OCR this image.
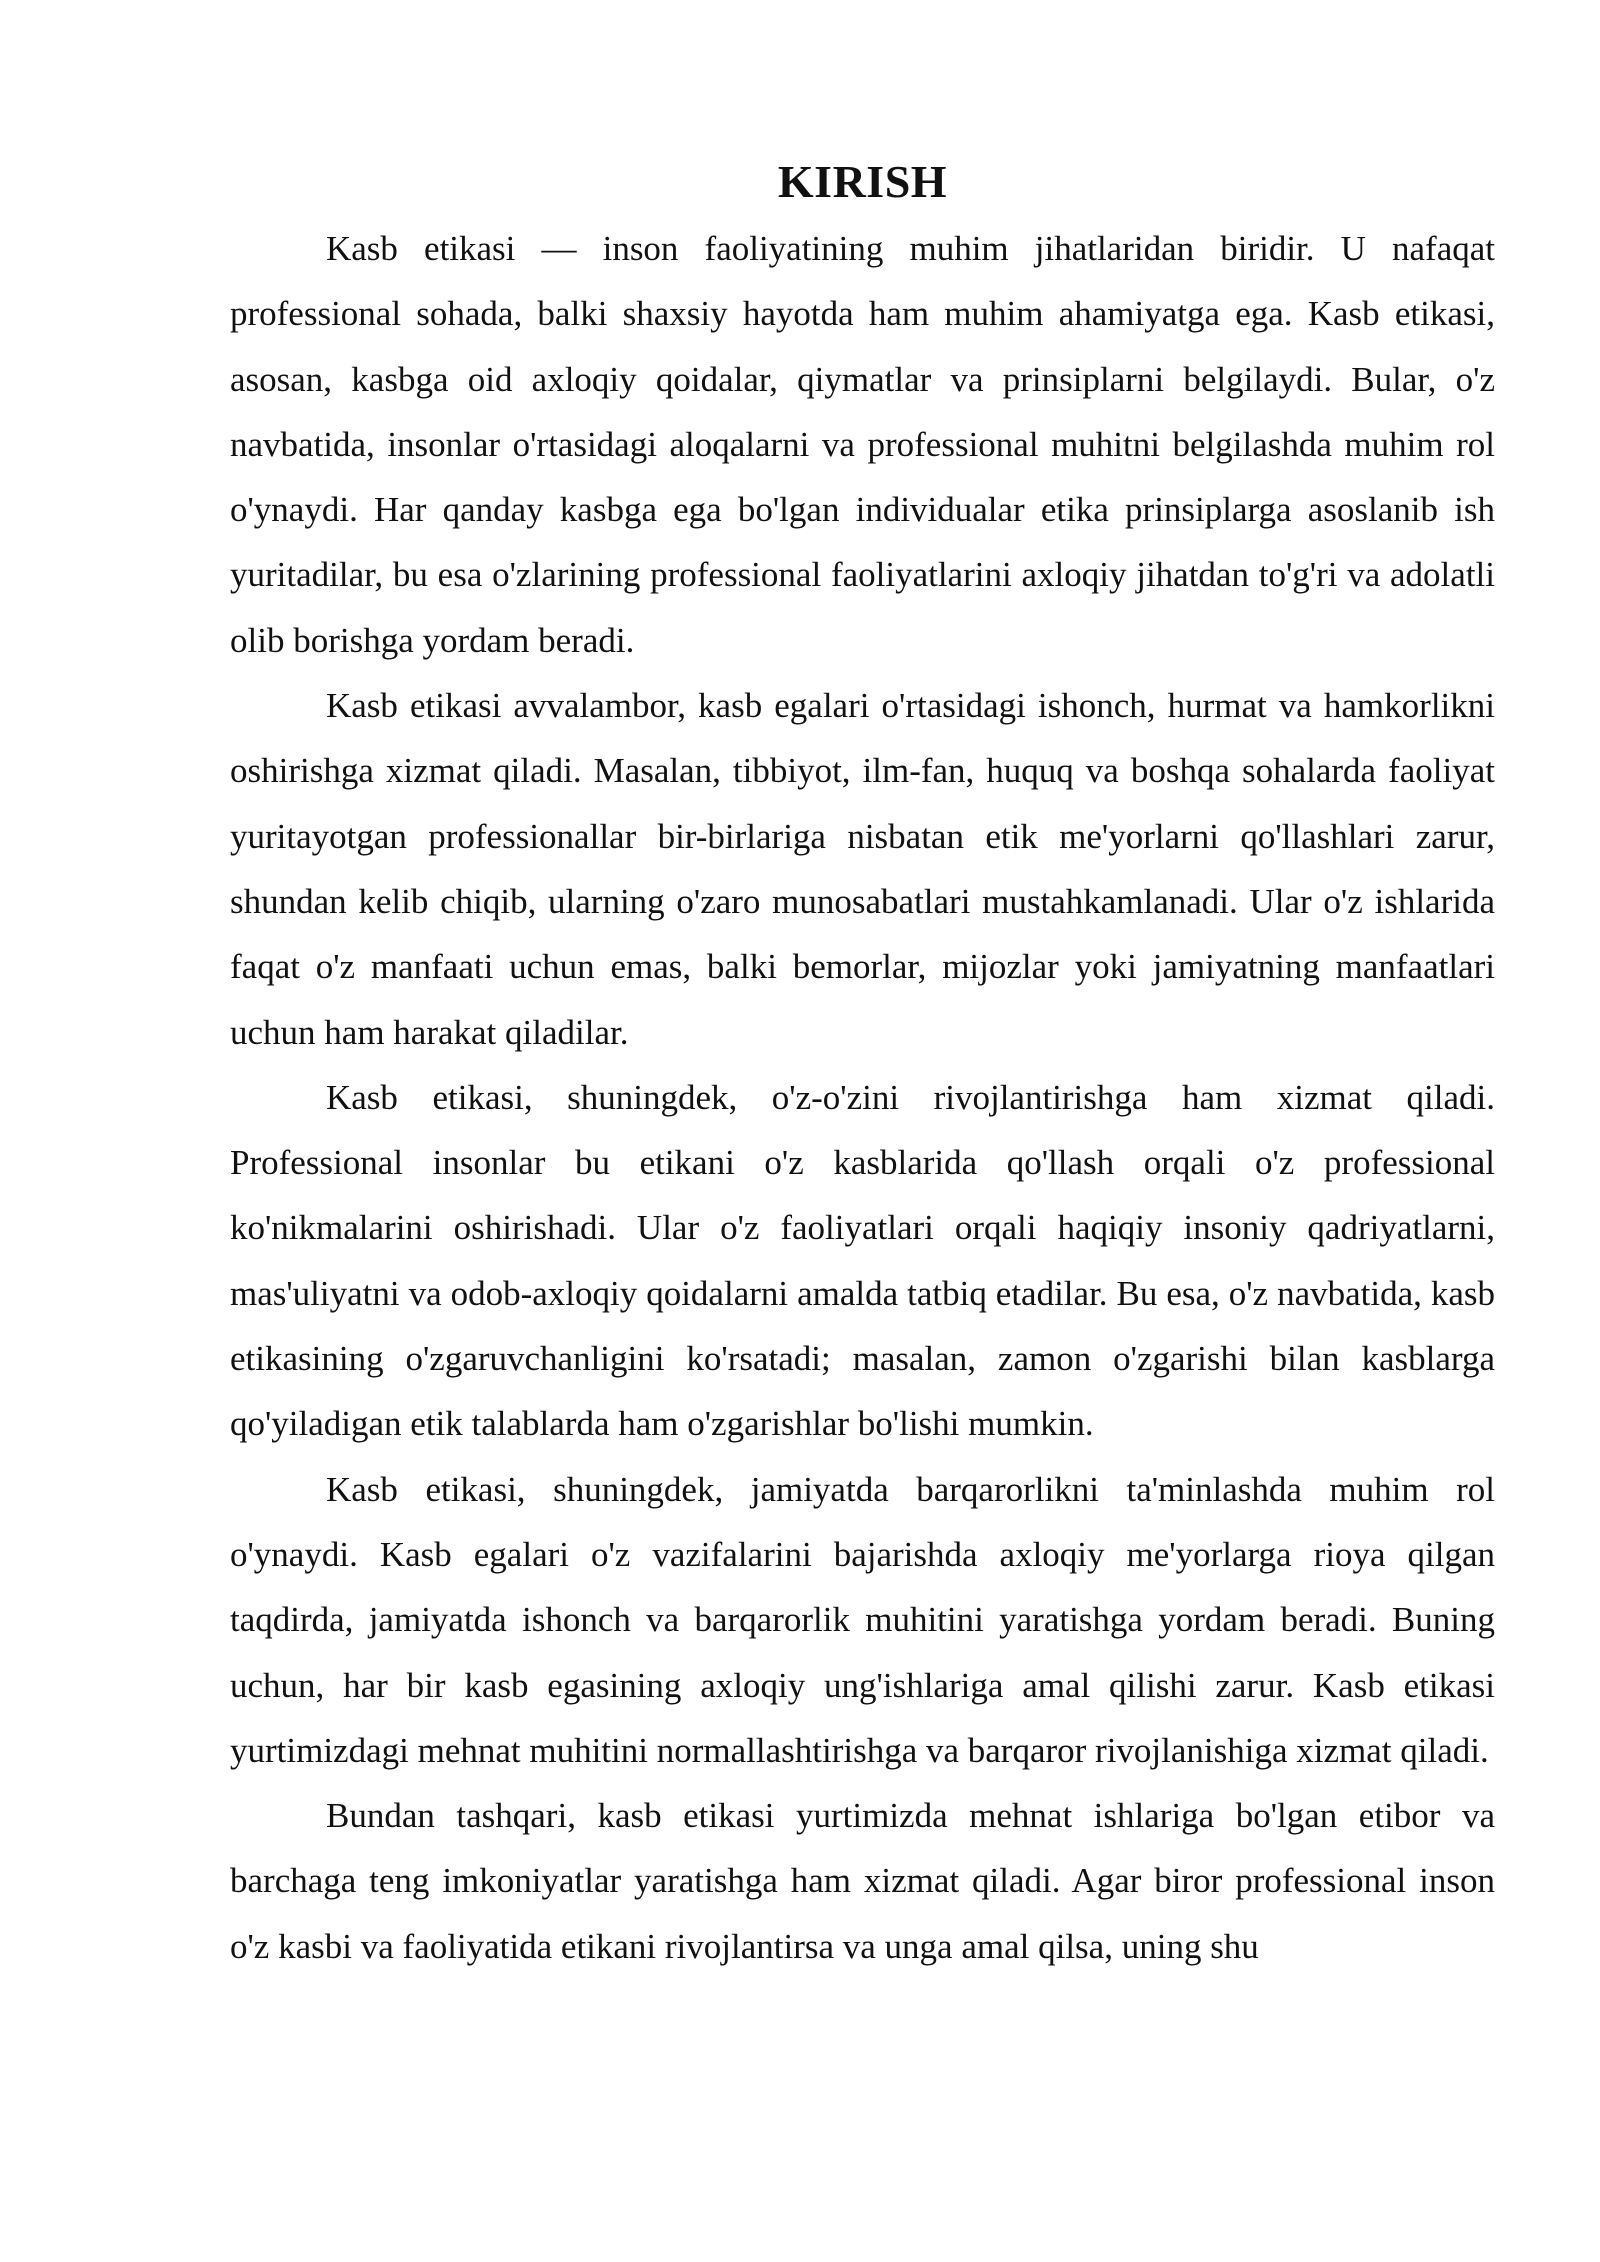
KIRISH

Kasb etikasi — inson faoliyatining muhim jihatlaridan biridir. U nafaqat professional sohada, balki shaxsiy hayotda ham muhim ahamiyatga ega. Kasb etikasi, asosan, kasbga oid axloqiy qoidalar, qiymatlar va prinsiplarni belgilaydi. Bular, o'z navbatida, insonlar o'rtasidagi aloqalarni va professional muhitni belgilashda muhim rol o'ynaydi. Har qanday kasbga ega bo'lgan individualar etika prinsiplarga asoslanib ish yuritadilar, bu esa o'zlarining professional faoliyatlarini axloqiy jihatdan to'g'ri va adolatli olib borishga yordam beradi.

Kasb etikasi avvalambor, kasb egalari o'rtasidagi ishonch, hurmat va hamkorlikni oshirishga xizmat qiladi. Masalan, tibbiyot, ilm-fan, huquq va boshqa sohalarda faoliyat yuritayotgan professionallar bir-birlariga nisbatan etik me'yorlarni qo'llashlari zarur, shundan kelib chiqib, ularning o'zaro munosabatlari mustahkamlanadi. Ular o'z ishlarida faqat o'z manfaati uchun emas, balki bemorlar, mijozlar yoki jamiyatning manfaatlari uchun ham harakat qiladilar.

Kasb etikasi, shuningdek, o'z-o'zini rivojlantirishga ham xizmat qiladi. Professional insonlar bu etikani o'z kasblarida qo'llash orqali o'z professional ko'nikmalarini oshirishadi. Ular o'z faoliyatlari orqali haqiqiy insoniy qadriyatlarni, mas'uliyatni va odob-axloqiy qoidalarni amalda tatbiq etadilar. Bu esa, o'z navbatida, kasb etikasining o'zgaruvchanligini ko'rsatadi; masalan, zamon o'zgarishi bilan kasblarga qo'yiladigan etik talablarda ham o'zgarishlar bo'lishi mumkin.

Kasb etikasi, shuningdek, jamiyatda barqarorlikni ta'minlashda muhim rol o'ynaydi. Kasb egalari o'z vazifalarini bajarishda axloqiy me'yorlarga rioya qilgan taqdirda, jamiyatda ishonch va barqarorlik muhitini yaratishga yordam beradi. Buning uchun, har bir kasb egasining axloqiy ung'ishlariga amal qilishi zarur. Kasb etikasi yurtimizdagi mehnat muhitini normallashtirishga va barqaror rivojlanishiga xizmat qiladi.

Bundan tashqari, kasb etikasi yurtimizda mehnat ishlariga bo'lgan etibor va barchaga teng imkoniyatlar yaratishga ham xizmat qiladi. Agar biror professional inson o'z kasbi va faoliyatida etikani rivojlantirsa va unga amal qilsa, uning shu
